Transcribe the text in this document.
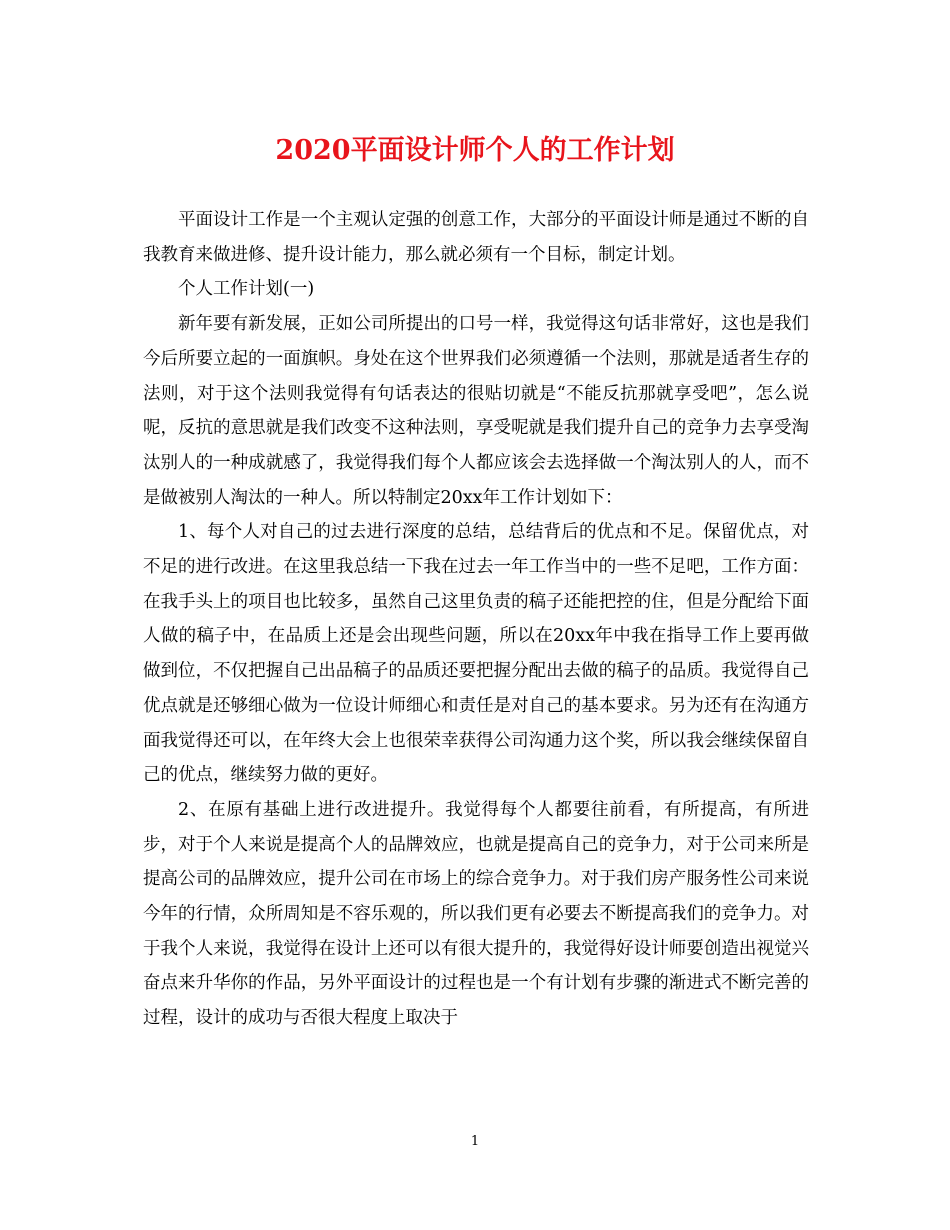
2020平面设计师个人的工作计划

平面设计工作是一个主观认定强的创意工作，大部分的平面设计师是通过不断的自我教育来做进修、提升设计能力，那么就必须有一个目标，制定计划。

个人工作计划(一)

新年要有新发展，正如公司所提出的口号一样，我觉得这句话非常好，这也是我们今后所要立起的一面旗帜。身处在这个世界我们必须遵循一个法则，那就是适者生存的法则，对于这个法则我觉得有句话表达的很贴切就是“不能反抗那就享受吧”，怎么说呢，反抗的意思就是我们改变不这种法则，享受呢就是我们提升自己的竞争力去享受淘汰别人的一种成就感了，我觉得我们每个人都应该会去选择做一个淘汰别人的人，而不是做被别人淘汰的一种人。所以特制定20xx年工作计划如下：

1、每个人对自己的过去进行深度的总结，总结背后的优点和不足。保留优点，对不足的进行改进。在这里我总结一下我在过去一年工作当中的一些不足吧，工作方面：在我手头上的项目也比较多，虽然自己这里负责的稿子还能把控的住，但是分配给下面人做的稿子中，在品质上还是会出现些问题，所以在20xx年中我在指导工作上要再做做到位，不仅把握自己出品稿子的品质还要把握分配出去做的稿子的品质。我觉得自己优点就是还够细心做为一位设计师细心和责任是对自己的基本要求。另为还有在沟通方面我觉得还可以，在年终大会上也很荣幸获得公司沟通力这个奖，所以我会继续保留自己的优点，继续努力做的更好。

2、在原有基础上进行改进提升。我觉得每个人都要往前看，有所提高，有所进步，对于个人来说是提高个人的品牌效应，也就是提高自己的竞争力，对于公司来所是提高公司的品牌效应，提升公司在市场上的综合竞争力。对于我们房产服务性公司来说今年的行情，众所周知是不容乐观的，所以我们更有必要去不断提高我们的竞争力。对于我个人来说，我觉得在设计上还可以有很大提升的，我觉得好设计师要创造出视觉兴奋点来升华你的作品，另外平面设计的过程也是一个有计划有步骤的渐进式不断完善的过程，设计的成功与否很大程度上取决于

1
